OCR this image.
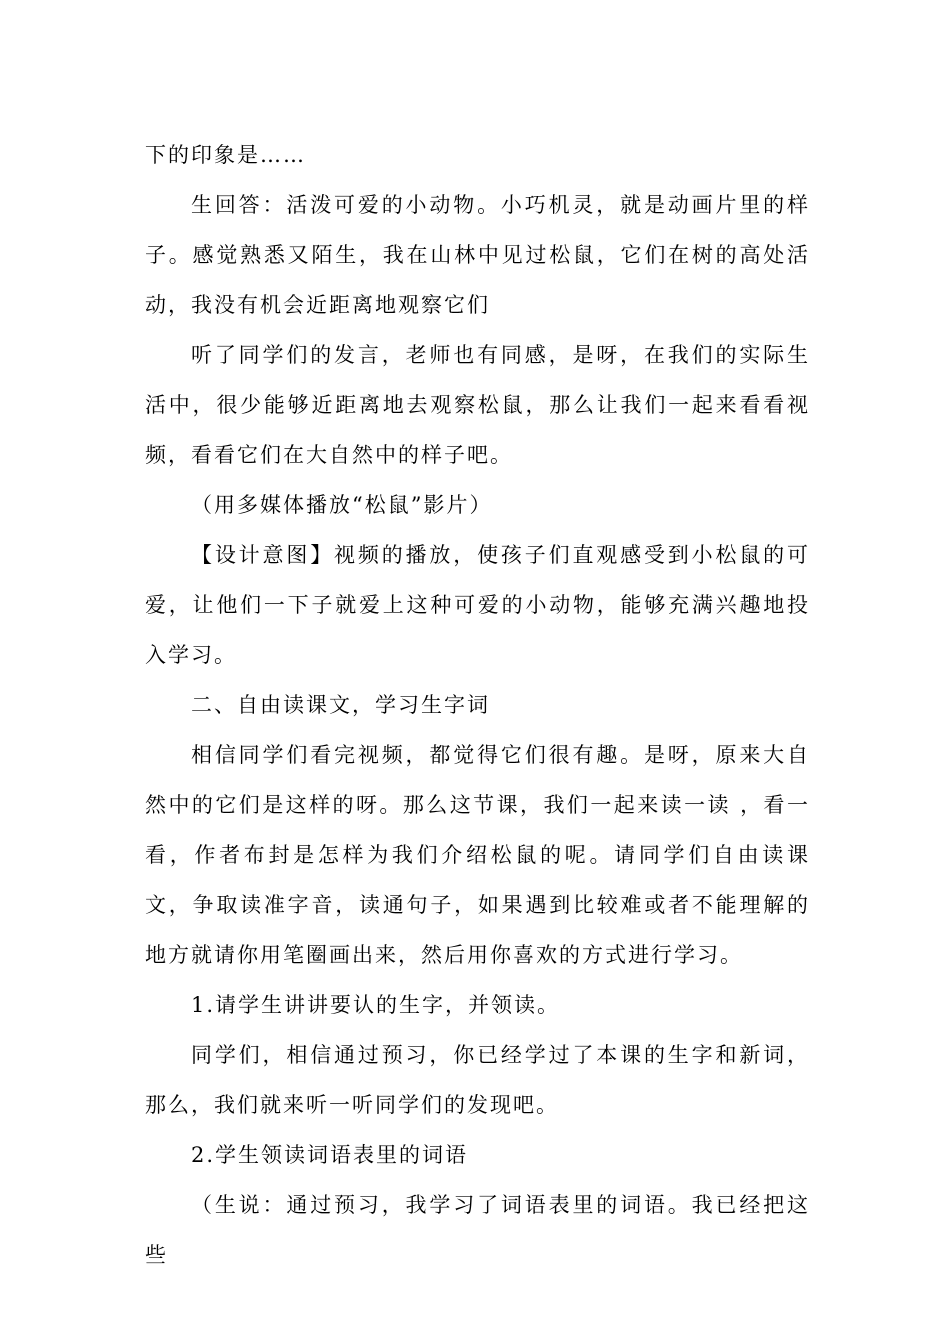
下的印象是……

生回答：活泼可爱的小动物。小巧机灵，就是动画片里的样子。感觉熟悉又陌生，我在山林中见过松鼠，它们在树的高处活动，我没有机会近距离地观察它们

听了同学们的发言，老师也有同感，是呀，在我们的实际生活中，很少能够近距离地去观察松鼠，那么让我们一起来看看视频，看看它们在大自然中的样子吧。

（用多媒体播放“松鼠”影片）

【设计意图】视频的播放，使孩子们直观感受到小松鼠的可爱，让他们一下子就爱上这种可爱的小动物，能够充满兴趣地投入学习。

二、自由读课文，学习生字词

相信同学们看完视频，都觉得它们很有趣。是呀，原来大自然中的它们是这样的呀。那么这节课，我们一起来读一读 ，看一看，作者布封是怎样为我们介绍松鼠的呢。请同学们自由读课文，争取读准字音，读通句子，如果遇到比较难或者不能理解的地方就请你用笔圈画出来，然后用你喜欢的方式进行学习。

1.请学生讲讲要认的生字，并领读。

同学们，相信通过预习，你已经学过了本课的生字和新词，那么，我们就来听一听同学们的发现吧。

2.学生领读词语表里的词语

（生说：通过预习，我学习了词语表里的词语。我已经把这些
